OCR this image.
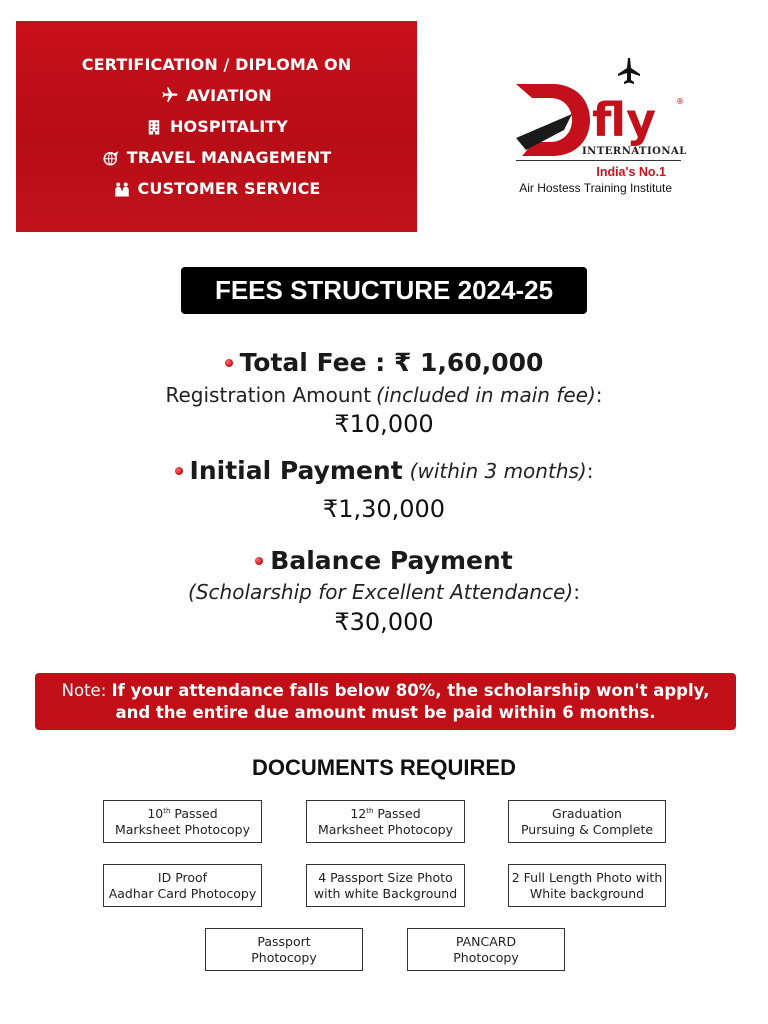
CERTIFICATION / DIPLOMA ON
AVIATION
HOSPITALITY
TRAVEL MANAGEMENT
CUSTOMER SERVICE
fly ®
INTERNATIONAL
India's No.1
Air Hostess Training Institute
FEES STRUCTURE 2024-25
Total Fee : ₹ 1,60,000
Registration Amount (included in main fee) :
₹10,000
Initial Payment (within 3 months) :
₹1,30,000
Balance Payment
(Scholarship for Excellent Attendance) :
₹30,000
Note: If your attendance falls below 80%, the scholarship won't apply,
and the entire due amount must be paid within 6 months.
DOCUMENTS REQUIRED
10th Passed
Marksheet Photocopy
12th Passed
Marksheet Photocopy
Graduation
Pursuing & Complete
ID Proof
Aadhar Card Photocopy
4 Passport Size Photo
with white Background
2 Full Length Photo with
White background
Passport
Photocopy
PANCARD
Photocopy
